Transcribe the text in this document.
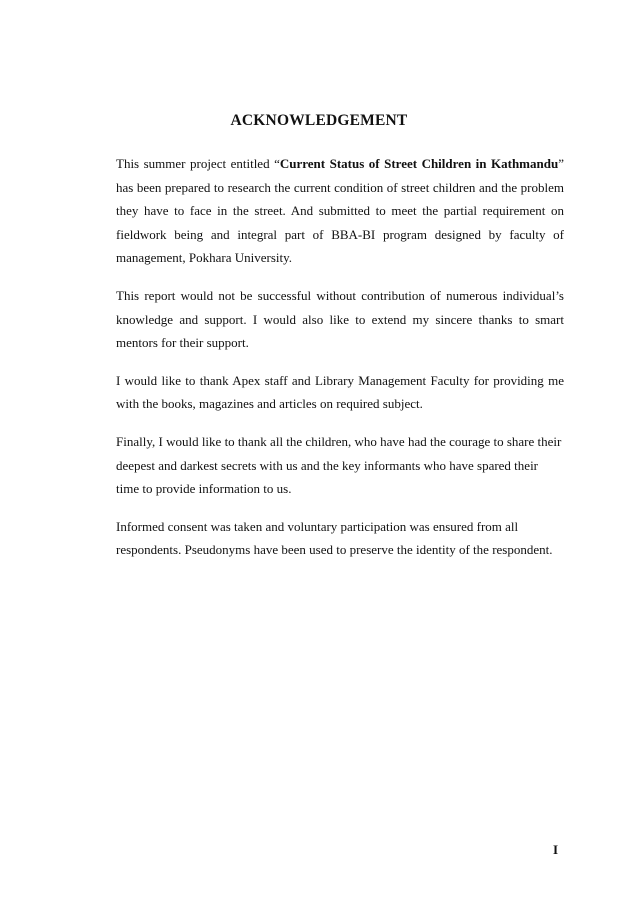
ACKNOWLEDGEMENT

This summer project entitled “Current Status of Street Children in Kathmandu” has been prepared to research the current condition of street children and the problem they have to face in the street. And submitted to meet the partial requirement on fieldwork being and integral part of BBA-BI program designed by faculty of management, Pokhara University.

This report would not be successful without contribution of numerous individual’s knowledge and support. I would also like to extend my sincere thanks to smart mentors for their support.

I would like to thank Apex staff and Library Management Faculty for providing me with the books, magazines and articles on required subject.

Finally, I would like to thank all the children, who have had the courage to share their deepest and darkest secrets with us and the key informants who have spared their time to provide information to us.

Informed consent was taken and voluntary participation was ensured from all respondents. Pseudonyms have been used to preserve the identity of the respondent.

I
